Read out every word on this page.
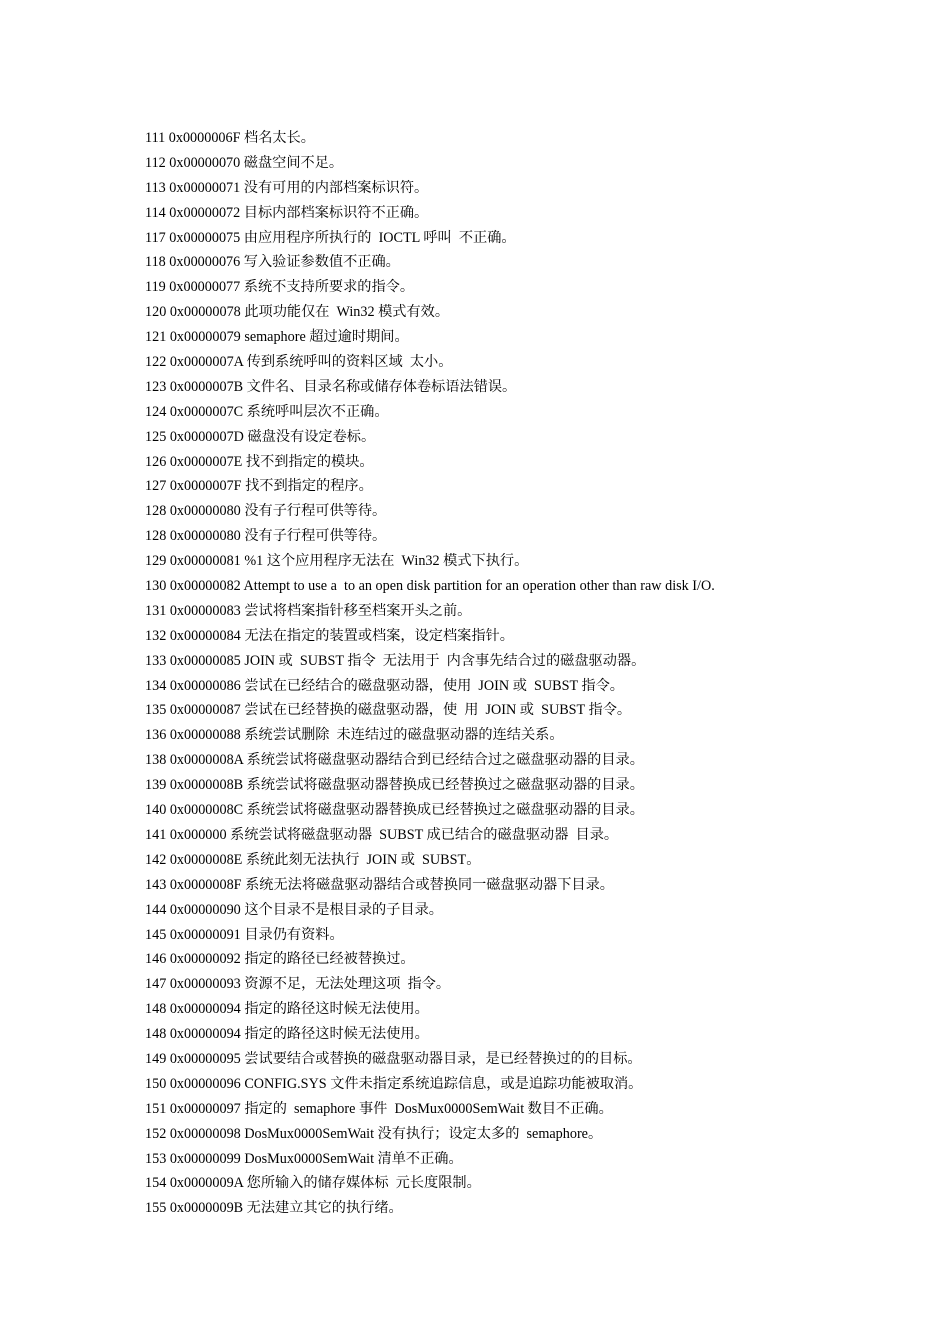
111 0x0000006F 档名太长。
112 0x00000070 磁盘空间不足。
113 0x00000071 没有可用的内部档案标识符。
114 0x00000072 目标内部档案标识符不正确。
117 0x00000075 由应用程序所执行的  IOCTL 呼叫  不正确。
118 0x00000076 写入验证参数值不正确。
119 0x00000077 系统不支持所要求的指令。
120 0x00000078 此项功能仅在  Win32 模式有效。
121 0x00000079 semaphore 超过逾时期间。
122 0x0000007A 传到系统呼叫的资料区域  太小。
123 0x0000007B 文件名、目录名称或储存体卷标语法错误。
124 0x0000007C 系统呼叫层次不正确。
125 0x0000007D 磁盘没有设定卷标。
126 0x0000007E 找不到指定的模块。
127 0x0000007F 找不到指定的程序。
128 0x00000080 没有子行程可供等待。
128 0x00000080 没有子行程可供等待。
129 0x00000081 %1 这个应用程序无法在  Win32 模式下执行。
130 0x00000082 Attempt to use a  to an open disk partition for an operation other than raw disk I/O.
131 0x00000083 尝试将档案指针移至档案开头之前。
132 0x00000084 无法在指定的装置或档案，设定档案指针。
133 0x00000085 JOIN 或  SUBST 指令  无法用于  内含事先结合过的磁盘驱动器。
134 0x00000086 尝试在已经结合的磁盘驱动器，使用  JOIN 或  SUBST 指令。
135 0x00000087 尝试在已经替换的磁盘驱动器，使  用  JOIN 或  SUBST 指令。
136 0x00000088 系统尝试删除  未连结过的磁盘驱动器的连结关系。
138 0x0000008A 系统尝试将磁盘驱动器结合到已经结合过之磁盘驱动器的目录。
139 0x0000008B 系统尝试将磁盘驱动器替换成已经替换过之磁盘驱动器的目录。
140 0x0000008C 系统尝试将磁盘驱动器替换成已经替换过之磁盘驱动器的目录。
141 0x000000 系统尝试将磁盘驱动器  SUBST 成已结合的磁盘驱动器  目录。
142 0x0000008E 系统此刻无法执行  JOIN 或  SUBST。
143 0x0000008F 系统无法将磁盘驱动器结合或替换同一磁盘驱动器下目录。
144 0x00000090 这个目录不是根目录的子目录。
145 0x00000091 目录仍有资料。
146 0x00000092 指定的路径已经被替换过。
147 0x00000093 资源不足，无法处理这项  指令。
148 0x00000094 指定的路径这时候无法使用。
148 0x00000094 指定的路径这时候无法使用。
149 0x00000095 尝试要结合或替换的磁盘驱动器目录，是已经替换过的的目标。
150 0x00000096 CONFIG.SYS 文件未指定系统追踪信息，或是追踪功能被取消。
151 0x00000097 指定的  semaphore 事件  DosMux0000SemWait 数目不正确。
152 0x00000098 DosMux0000SemWait 没有执行；设定太多的  semaphore。
153 0x00000099 DosMux0000SemWait 清单不正确。
154 0x0000009A 您所输入的储存媒体标  元长度限制。
155 0x0000009B 无法建立其它的执行绪。
